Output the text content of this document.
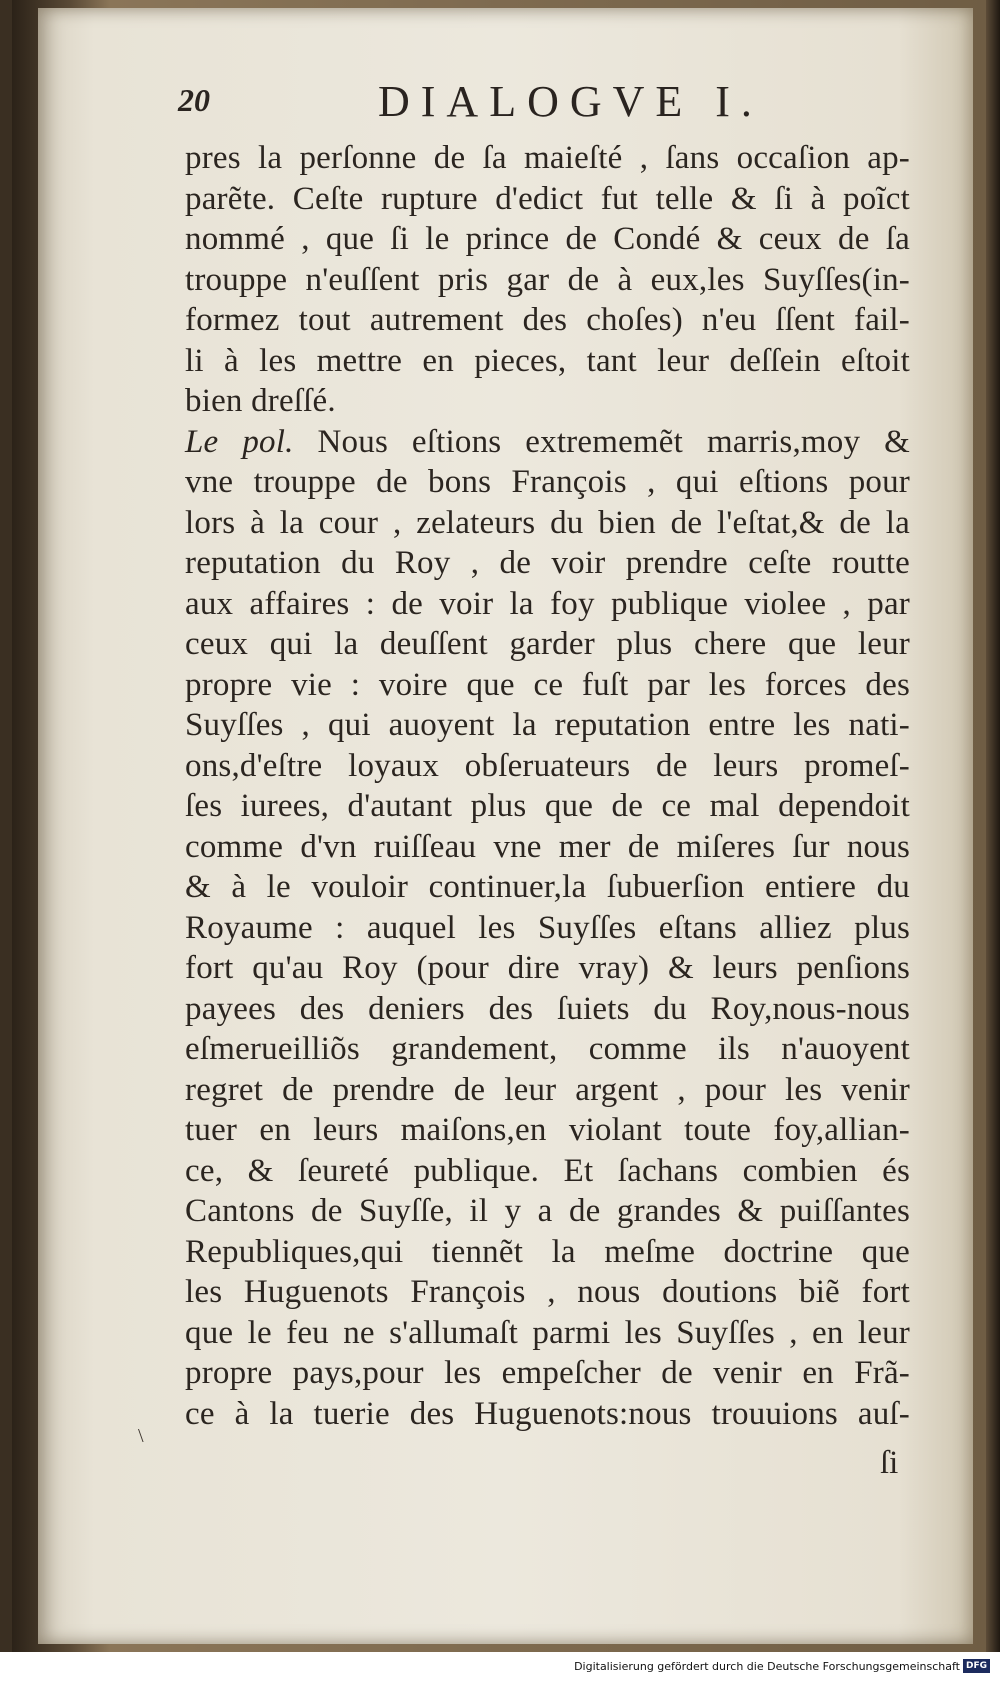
20	DIALOGVE I.
pres la perſonne de ſa maieſté , ſans occaſion ap-
parẽte. Ceſte rupture d'edict fut telle & ſi à poĩct
nommé , que ſi le prince de Condé & ceux de ſa
trouppe n'euſſent pris gar de à eux,les Suyſſes(in-
formez tout autrement des choſes) n'eu ſſent fail-
li à les mettre en pieces, tant leur deſſein eſtoit
bien dreſſé.
Le pol. Nous eſtions extrememẽt marris,moy &
vne trouppe de bons François , qui eſtions pour
lors à la cour , zelateurs du bien de l'eſtat,& de la
reputation du Roy , de voir prendre ceſte routte
aux affaires : de voir la foy publique violee , par
ceux qui la deuſſent garder plus chere que leur
propre vie : voire que ce fuſt par les forces des
Suyſſes , qui auoyent la reputation entre les nati-
ons,d'eſtre loyaux obſeruateurs de leurs promeſ-
ſes iurees, d'autant plus que de ce mal dependoit
comme d'vn ruiſſeau vne mer de miſeres ſur nous
& à le vouloir continuer,la ſubuerſion entiere du
Royaume : auquel les Suyſſes eſtans alliez plus
fort qu'au Roy (pour dire vray) & leurs penſions
payees des deniers des ſuiets du Roy,nous-nous
eſmerueilliõs grandement, comme ils n'auoyent
regret de prendre de leur argent , pour les venir
tuer en leurs maiſons,en violant toute foy,allian-
ce, & ſeureté publique. Et ſachans combien és
Cantons de Suyſſe, il y a de grandes & puiſſantes
Republiques,qui tiennẽt la meſme doctrine que
les Huguenots François , nous doutions biẽ fort
que le feu ne s'allumaſt parmi les Suyſſes , en leur
propre pays,pour les empeſcher de venir en Frã-
ce à la tuerie des Huguenots:nous trouuions auſ-
ſi
\
Digitalisierung gefördert durch die Deutsche Forschungsgemeinschaft DFG
